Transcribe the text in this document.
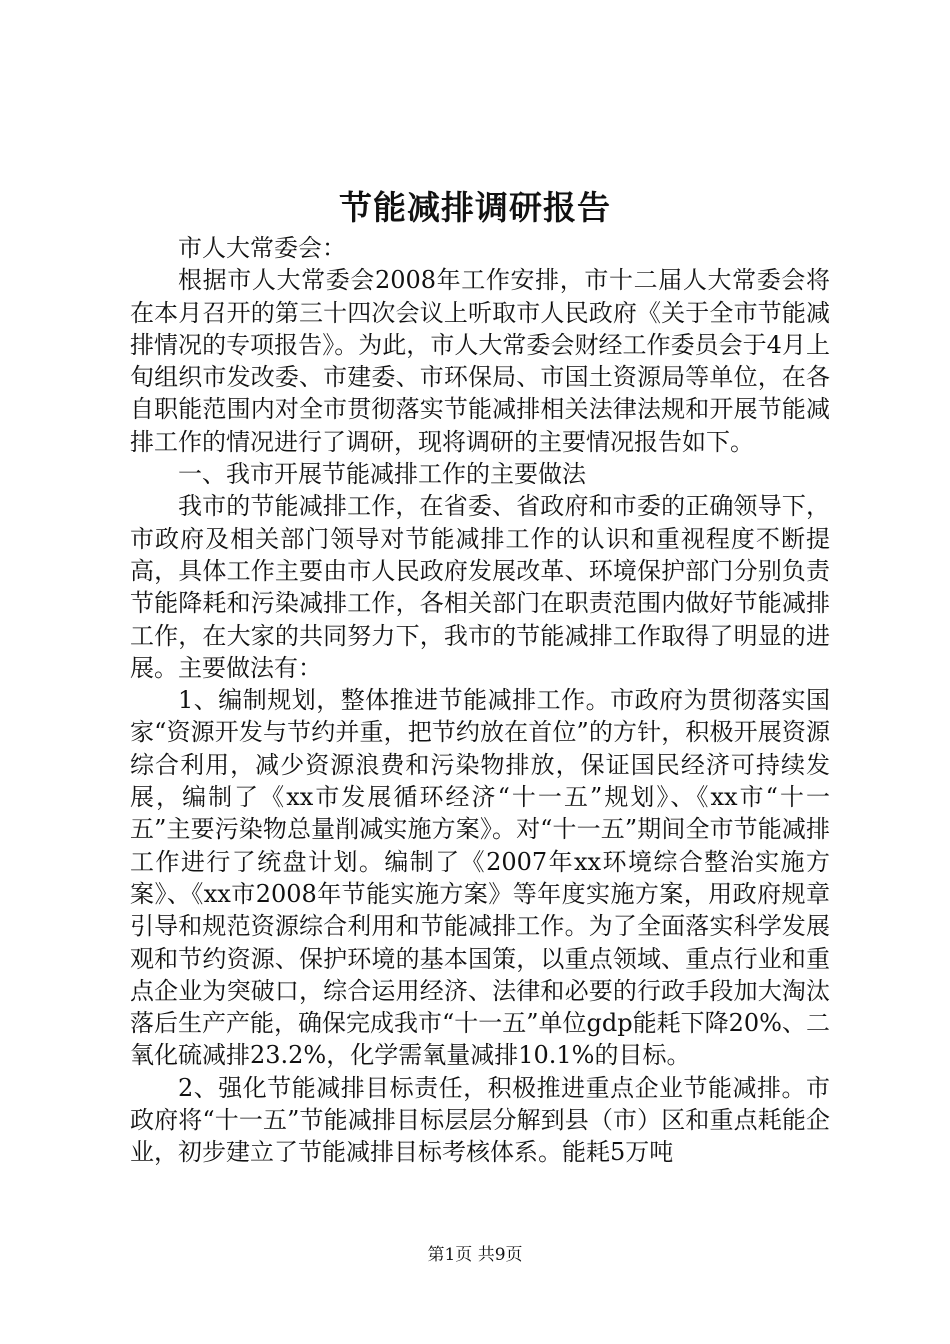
节能减排调研报告

市人大常委会：

根据市人大常委会2008年工作安排，市十二届人大常委会将在本月召开的第三十四次会议上听取市人民政府《关于全市节能减排情况的专项报告》。为此，市人大常委会财经工作委员会于4月上旬组织市发改委、市建委、市环保局、市国土资源局等单位，在各自职能范围内对全市贯彻落实节能减排相关法律法规和开展节能减排工作的情况进行了调研，现将调研的主要情况报告如下。

一、我市开展节能减排工作的主要做法

我市的节能减排工作，在省委、省政府和市委的正确领导下，市政府及相关部门领导对节能减排工作的认识和重视程度不断提高，具体工作主要由市人民政府发展改革、环境保护部门分别负责节能降耗和污染减排工作，各相关部门在职责范围内做好节能减排工作，在大家的共同努力下，我市的节能减排工作取得了明显的进展。主要做法有：

1、编制规划，整体推进节能减排工作。市政府为贯彻落实国家“资源开发与节约并重，把节约放在首位”的方针，积极开展资源综合利用，减少资源浪费和污染物排放，保证国民经济可持续发展，编制了《xx市发展循环经济“十一五”规划》、《xx市“十一五”主要污染物总量削减实施方案》。对“十一五”期间全市节能减排工作进行了统盘计划。编制了《2007年xx环境综合整治实施方案》、《xx市2008年节能实施方案》等年度实施方案，用政府规章引导和规范资源综合利用和节能减排工作。为了全面落实科学发展观和节约资源、保护环境的基本国策，以重点领域、重点行业和重点企业为突破口，综合运用经济、法律和必要的行政手段加大淘汰落后生产产能，确保完成我市“十一五”单位gdp能耗下降20%、二氧化硫减排23.2%，化学需氧量减排10.1%的目标。

2、强化节能减排目标责任，积极推进重点企业节能减排。市政府将“十一五”节能减排目标层层分解到县（市）区和重点耗能企业，初步建立了节能减排目标考核体系。能耗5万吨

第1页 共9页
